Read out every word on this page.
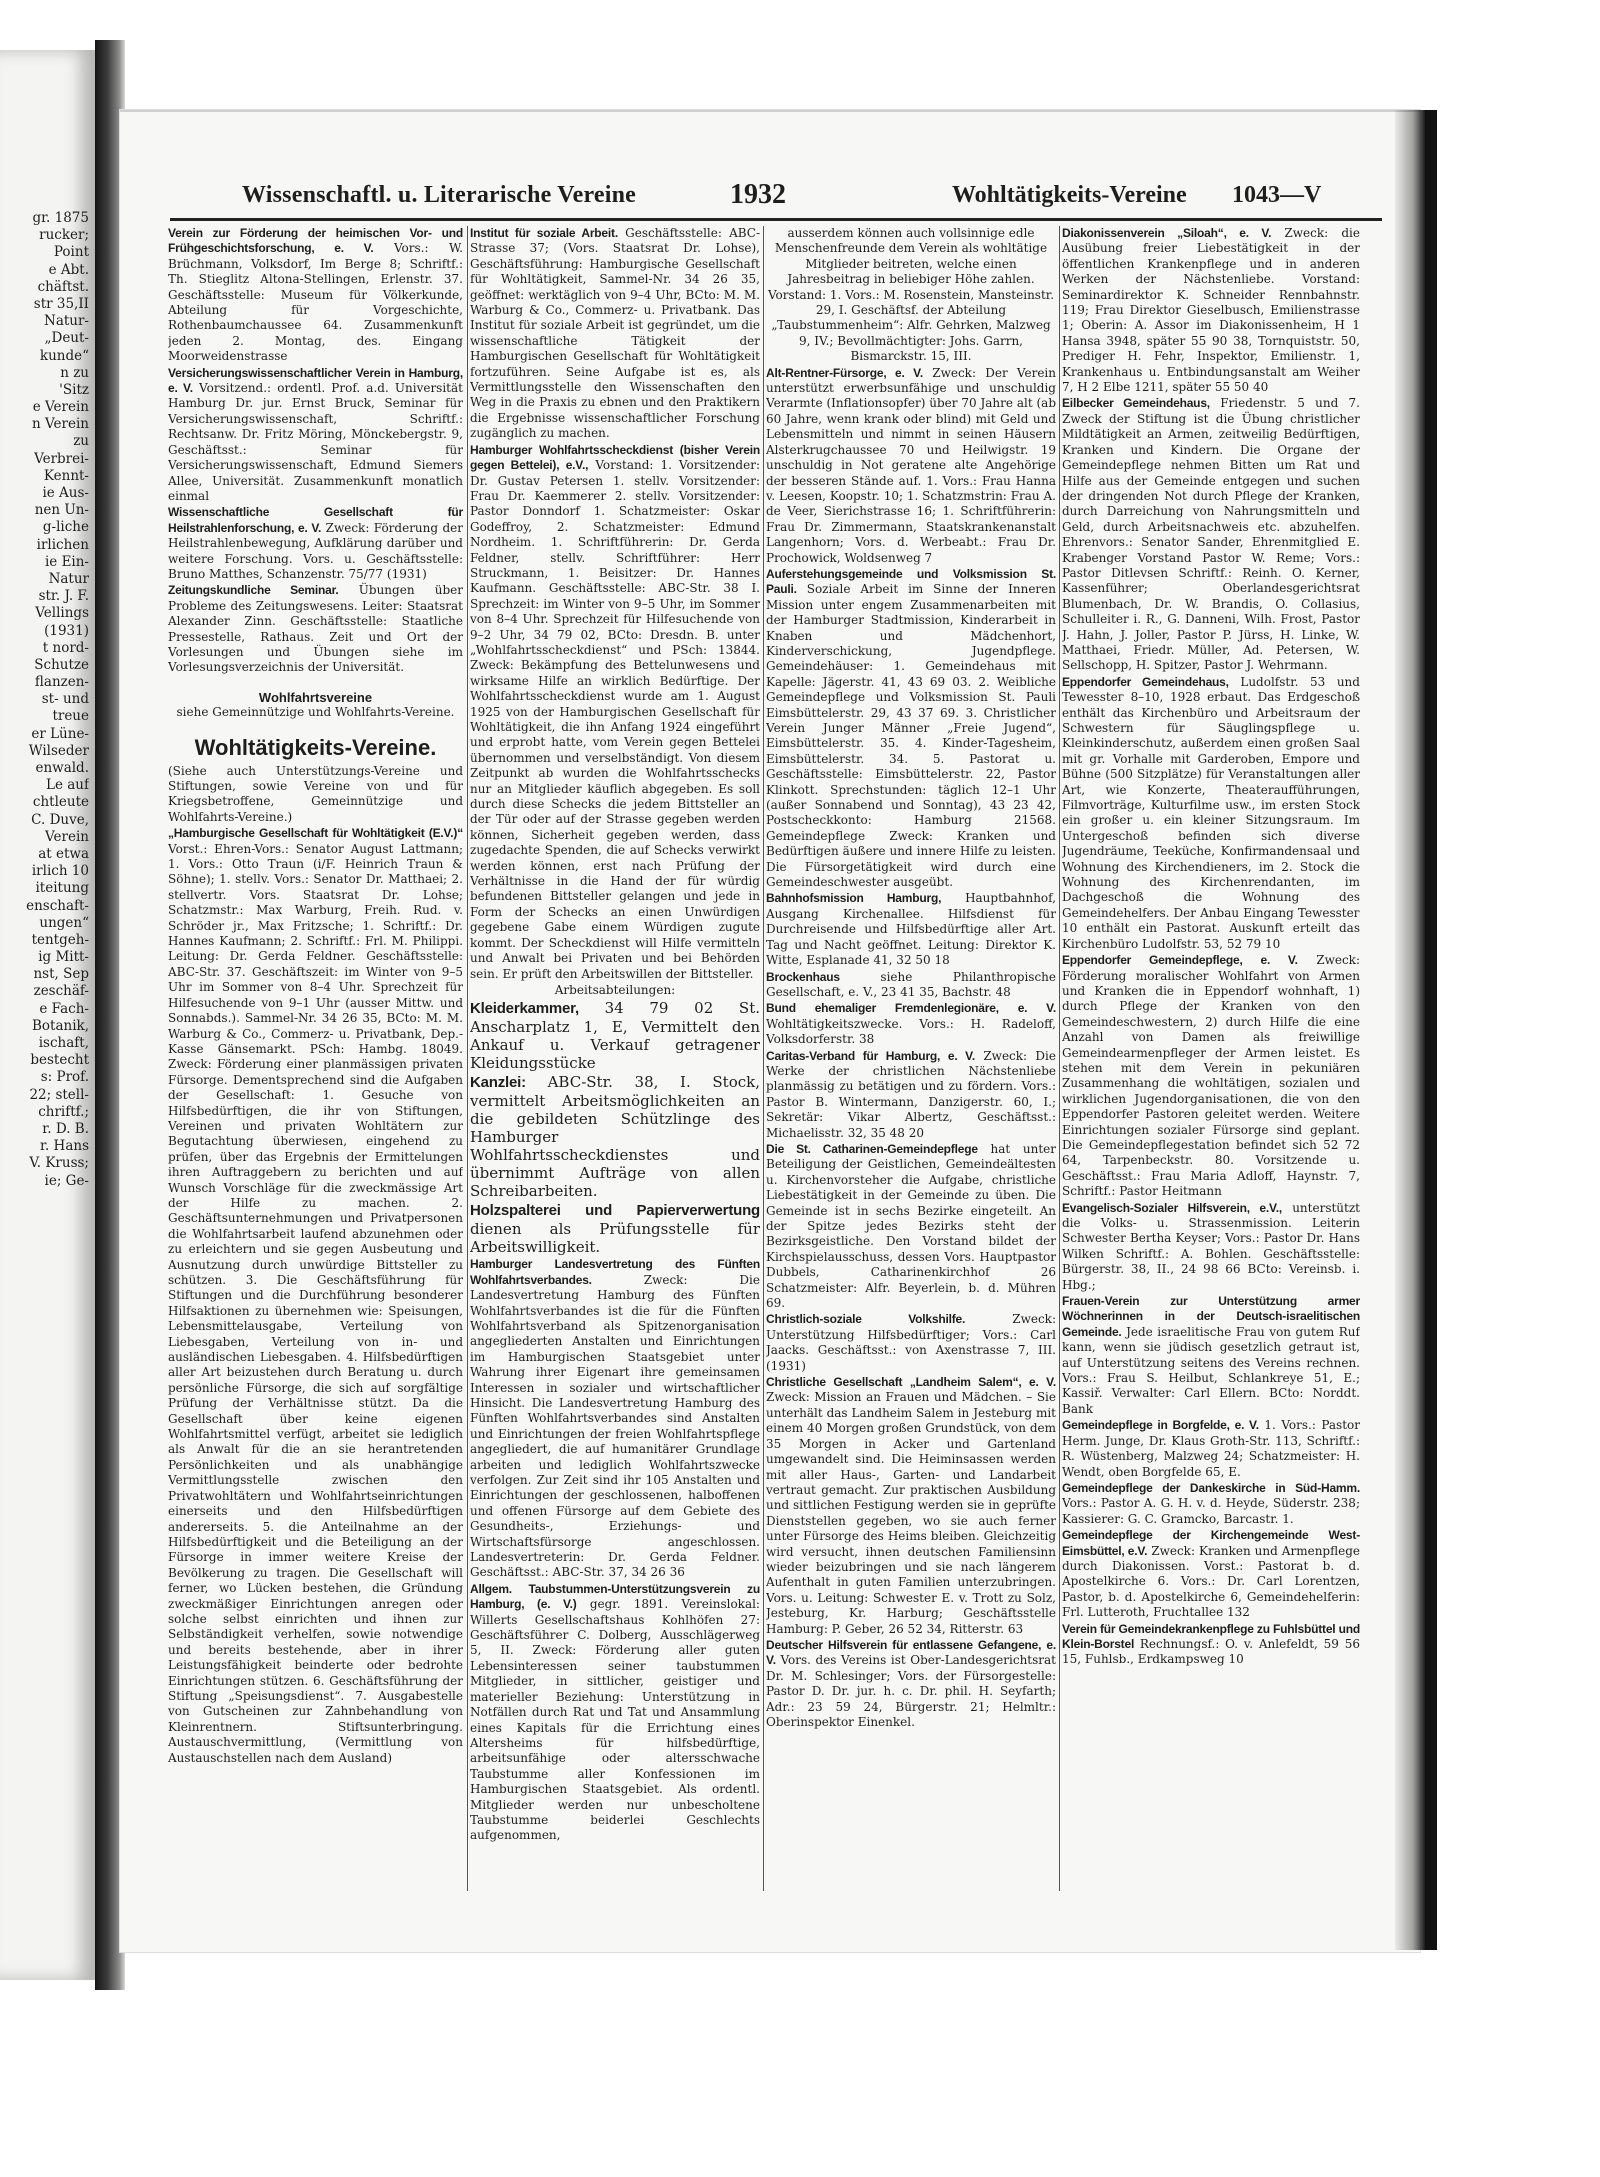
gr. 1875
rucker;
Point
e Abt.
chäftst.
str 35,II
Natur-
„Deut-
kunde“
n zu
'Sitz
e Verein
n Verein
zu
Verbrei-
Kennt-
ie Aus-
nen Un-
g-liche
irlichen
ie Ein-
Natur
str. J. F.
Vellings
(1931)
t nord-
Schutze
flanzen-
st- und
treue
er Lüne-
Wilseder
enwald.
Le auf
chtleute
C. Duve,
Verein
at etwa
irlich 10
iteitung
enschaft-
ungen“
tentgeh-
ig Mitt-
nst, Sep
zeschäf-
e Fach-
Botanik,
ischaft,
bestecht
s: Prof.
22; stell-
chriftf.;
r. D. B.
r. Hans
V. Kruss;
ie; Ge-
Wissenschaftl. u. Literarische Vereine	1932	Wohltätigkeits-Vereine 1043—V
Verein zur Förderung der heimischen Vor- und Frühgeschichtsforschung, e. V. Vors.: W. Brüchmann, Volksdorf, Im Berge 8; Schriftf.: Th. Stieglitz Altona-Stellingen, Erlenstr. 37. Geschäftsstelle: Museum für Völkerkunde, Abteilung für Vorgeschichte, Rothenbaumchaussee 64. Zusammenkunft jeden 2. Montag, des. Eingang Moorweidenstrasse
Versicherungswissenschaftlicher Verein in Hamburg, e. V. Vorsitzend.: ordentl. Prof. a.d. Universität Hamburg Dr. jur. Ernst Bruck, Seminar für Versicherungswissenschaft, Schriftf.: Rechtsanw. Dr. Fritz Möring, Mönckebergstr. 9, Geschäftsst.: Seminar für Versicherungswissenschaft, Edmund Siemers Allee, Universität. Zusammenkunft monatlich einmal
Wissenschaftliche Gesellschaft für Heilstrahlenforschung, e. V. Zweck: Förderung der Heilstrahlenbewegung, Aufklärung darüber und weitere Forschung. Vors. u. Geschäftsstelle: Bruno Matthes, Schanzenstr. 75/77 (1931)
Zeitungskundliche Seminar. Übungen über Probleme des Zeitungswesens. Leiter: Staatsrat Alexander Zinn. Geschäftsstelle: Staatliche Pressestelle, Rathaus. Zeit und Ort der Vorlesungen und Übungen siehe im Vorlesungsverzeichnis der Universität.
Wohlfahrtsvereine
siehe Gemeinnützige und Wohlfahrts-Vereine.
Wohltätigkeits-Vereine.
(Siehe auch Unterstützungs-Vereine und Stiftungen, sowie Vereine von und für Kriegsbetroffene, Gemeinnützige und Wohlfahrts-Vereine.)
„Hamburgische Gesellschaft für Wohltätigkeit (E.V.)“ Vorst.: Ehren-Vors.: Senator August Lattmann; 1. Vors.: Otto Traun (i/F. Heinrich Traun & Söhne); 1. stellv. Vors.: Senator Dr. Matthaei; 2. stellvertr. Vors. Staatsrat Dr. Lohse; Schatzmstr.: Max Warburg, Freih. Rud. v. Schröder jr., Max Fritzsche; 1. Schriftf.: Dr. Hannes Kaufmann; 2. Schriftf.: Frl. M. Philippi. Leitung: Dr. Gerda Feldner. Geschäftsstelle: ABC-Str. 37. Geschäftszeit: im Winter von 9–5 Uhr im Sommer von 8–4 Uhr. Sprechzeit für Hilfesuchende von 9–1 Uhr (ausser Mittw. und Sonnabds.). Sammel-Nr. 34 26 35, BCto: M. M. Warburg & Co., Commerz- u. Privatbank, Dep.-Kasse Gänsemarkt. PSch: Hambg. 18049. Zweck: Förderung einer planmässigen privaten Fürsorge. Dementsprechend sind die Aufgaben der Gesellschaft: 1. Gesuche von Hilfsbedürftigen, die ihr von Stiftungen, Vereinen und privaten Wohltätern zur Begutachtung überwiesen, eingehend zu prüfen, über das Ergebnis der Ermittelungen ihren Auftraggebern zu berichten und auf Wunsch Vorschläge für die zweckmässige Art der Hilfe zu machen. 2. Geschäftsunternehmungen und Privatpersonen die Wohlfahrtsarbeit laufend abzunehmen oder zu erleichtern und sie gegen Ausbeutung und Ausnutzung durch unwürdige Bittsteller zu schützen. 3. Die Geschäftsführung für Stiftungen und die Durchführung besonderer Hilfsaktionen zu übernehmen wie: Speisungen, Lebensmittelausgabe, Verteilung von Liebesgaben, Verteilung von in- und ausländischen Liebesgaben. 4. Hilfsbedürftigen aller Art beizustehen durch Beratung u. durch persönliche Fürsorge, die sich auf sorgfältige Prüfung der Verhältnisse stützt. Da die Gesellschaft über keine eigenen Wohlfahrtsmittel verfügt, arbeitet sie lediglich als Anwalt für die an sie herantretenden Persönlichkeiten und als unabhängige Vermittlungsstelle zwischen den Privatwohltätern und Wohlfahrtseinrichtungen einerseits und den Hilfsbedürftigen andererseits. 5. die Anteilnahme an der Hilfsbedürftigkeit und die Beteiligung an der Fürsorge in immer weitere Kreise der Bevölkerung zu tragen. Die Gesellschaft will ferner, wo Lücken bestehen, die Gründung zweckmäßiger Einrichtungen anregen oder solche selbst einrichten und ihnen zur Selbständigkeit verhelfen, sowie notwendige und bereits bestehende, aber in ihrer Leistungsfähigkeit beinderte oder bedrohte Einrichtungen stützen. 6. Geschäftsführung der Stiftung „Speisungsdienst“. 7. Ausgabestelle von Gutscheinen zur Zahnbehandlung von Kleinrentnern. Stiftsunterbringung. Austauschvermittlung, (Vermittlung von Austauschstellen nach dem Ausland)
Institut für soziale Arbeit. Geschäftsstelle: ABC-Strasse 37; (Vors. Staatsrat Dr. Lohse), Geschäftsführung: Hamburgische Gesellschaft für Wohltätigkeit, Sammel-Nr. 34 26 35, geöffnet: werktäglich von 9–4 Uhr, BCto: M. M. Warburg & Co., Commerz- u. Privatbank. Das Institut für soziale Arbeit ist gegründet, um die wissenschaftliche Tätigkeit der Hamburgischen Gesellschaft für Wohltätigkeit fortzuführen. Seine Aufgabe ist es, als Vermittlungsstelle den Wissenschaften den Weg in die Praxis zu ebnen und den Praktikern die Ergebnisse wissenschaftlicher Forschung zugänglich zu machen.
Hamburger Wohlfahrtsscheckdienst (bisher Verein gegen Bettelei), e.V., Vorstand: 1. Vorsitzender: Dr. Gustav Petersen 1. stellv. Vorsitzender: Frau Dr. Kaemmerer 2. stellv. Vorsitzender: Pastor Donndorf 1. Schatzmeister: Oskar Godeffroy, 2. Schatzmeister: Edmund Nordheim. 1. Schriftführerin: Dr. Gerda Feldner, stellv. Schriftführer: Herr Struckmann, 1. Beisitzer: Dr. Hannes Kaufmann. Geschäftsstelle: ABC-Str. 38 I. Sprechzeit: im Winter von 9–5 Uhr, im Sommer von 8–4 Uhr. Sprechzeit für Hilfesuchende von 9–2 Uhr, 34 79 02, BCto: Dresdn. B. unter „Wohlfahrtsscheckdienst“ und PSch: 13844. Zweck: Bekämpfung des Bettelunwesens und wirksame Hilfe an wirklich Bedürftige. Der Wohlfahrtsscheckdienst wurde am 1. August 1925 von der Hamburgischen Gesellschaft für Wohltätigkeit, die ihn Anfang 1924 eingeführt und erprobt hatte, vom Verein gegen Bettelei übernommen und verselbständigt. Von diesem Zeitpunkt ab wurden die Wohlfahrtsschecks nur an Mitglieder käuflich abgegeben. Es soll durch diese Schecks die jedem Bittsteller an der Tür oder auf der Strasse gegeben werden können, Sicherheit gegeben werden, dass zugedachte Spenden, die auf Schecks verwirkt werden können, erst nach Prüfung der Verhältnisse in die Hand der für würdig befundenen Bittsteller gelangen und jede in Form der Schecks an einen Unwürdigen gegebene Gabe einem Würdigen zugute kommt. Der Scheckdienst will Hilfe vermitteln und Anwalt bei Privaten und bei Behörden sein. Er prüft den Arbeitswillen der Bittsteller.
Arbeitsabteilungen:
Kleiderkammer, 34 79 02 St. Anscharplatz 1, E, Vermittelt den Ankauf u. Verkauf getragener Kleidungsstücke
Kanzlei: ABC-Str. 38, I. Stock, vermittelt Arbeitsmöglichkeiten an die gebildeten Schützlinge des Hamburger Wohlfahrtsscheckdienstes und übernimmt Aufträge von allen Schreibarbeiten.
Holzspalterei und Papierverwertung dienen als Prüfungsstelle für Arbeitswilligkeit.
Hamburger Landesvertretung des Fünften Wohlfahrtsverbandes.	Zweck: Die Landesvertretung Hamburg des Fünften Wohlfahrtsverbandes ist die für die Fünften Wohlfahrtsverband als Spitzenorganisation angegliederten Anstalten und Einrichtungen im Hamburgischen Staatsgebiet unter Wahrung ihrer Eigenart ihre gemeinsamen Interessen in sozialer und wirtschaftlicher Hinsicht. Die Landesvertretung Hamburg des Fünften Wohlfahrtsverbandes sind Anstalten und Einrichtungen der freien Wohlfahrtspflege angegliedert, die auf humanitärer Grundlage arbeiten und lediglich Wohlfahrtszwecke verfolgen. Zur Zeit sind ihr 105 Anstalten und Einrichtungen der geschlossenen, halboffenen und offenen Fürsorge auf dem Gebiete des Gesundheits-, Erziehungs- und Wirtschaftsfürsorge angeschlossen. Landesvertreterin: Dr. Gerda Feldner. Geschäftsst.: ABC-Str. 37, 34 26 36
Allgem. Taubstummen-Unterstützungsverein zu Hamburg, (e. V.) gegr. 1891. Vereinslokal: Willerts Gesellschaftshaus Kohlhöfen 27: Geschäftsführer C. Dolberg, Ausschlägerweg 5, II. Zweck: Förderung aller guten Lebensinteressen seiner taubstummen Mitglieder, in sittlicher, geistiger und materieller Beziehung: Unterstützung in Notfällen durch Rat und Tat und Ansammlung eines Kapitals für die Errichtung eines Altersheims für hilfsbedürftige, arbeitsunfähige oder altersschwache Taubstumme aller Konfessionen im Hamburgischen Staatsgebiet. Als ordentl. Mitglieder werden nur unbescholtene Taubstumme beiderlei Geschlechts aufgenommen,
ausserdem können auch vollsinnige edle Menschenfreunde dem Verein als wohltätige Mitglieder beitreten, welche einen Jahresbeitrag in beliebiger Höhe zahlen. Vorstand: 1. Vors.: M. Rosenstein, Mansteinstr. 29, I. Geschäftsf. der Abteilung „Taubstummenheim“: Alfr. Gehrken, Malzweg 9, IV.; Bevollmächtigter: Johs. Garrn, Bismarckstr. 15, III.
Alt-Rentner-Fürsorge, e. V. Zweck: Der Verein unterstützt erwerbsunfähige und unschuldig Verarmte (Inflationsopfer) über 70 Jahre alt (ab 60 Jahre, wenn krank oder blind) mit Geld und Lebensmitteln und nimmt in seinen Häusern Alsterkrugchaussee 70 und Heilwigstr. 19 unschuldig in Not geratene alte Angehörige der besseren Stände auf. 1. Vors.: Frau Hanna v. Leesen, Koopstr. 10; 1. Schatzmstrin: Frau A. de Veer, Sierichstrasse 16; 1. Schriftführerin: Frau Dr. Zimmermann, Staatskrankenanstalt Langenhorn; Vors. d. Werbeabt.: Frau Dr. Prochowick, Woldsenweg 7
Auferstehungsgemeinde und Volksmission St. Pauli. Soziale Arbeit im Sinne der Inneren Mission unter engem Zusammenarbeiten mit der Hamburger Stadtmission, Kinderarbeit in Knaben und Mädchenhort, Kinderverschickung, Jugendpflege. Gemeindehäuser: 1. Gemeindehaus mit Kapelle: Jägerstr. 41, 43 69 03. 2. Weibliche Gemeindepflege und Volksmission St. Pauli Eimsbüttelerstr. 29, 43 37 69. 3. Christlicher Verein Junger Männer „Freie Jugend“, Eimsbüttelerstr. 35. 4. Kinder-Tagesheim, Eimsbüttelerstr. 34. 5. Pastorat u. Geschäftsstelle: Eimsbüttelerstr. 22, Pastor Klinkott. Sprechstunden: täglich 12–1 Uhr (außer Sonnabend und Sonntag), 43 23 42, Postscheckkonto: Hamburg 21568. Gemeindepflege Zweck: Kranken und Bedürftigen äußere und innere Hilfe zu leisten. Die Fürsorgetätigkeit wird durch eine Gemeindeschwester ausgeübt.
Bahnhofsmission Hamburg, Hauptbahnhof, Ausgang Kirchenallee. Hilfsdienst für Durchreisende und Hilfsbedürftige aller Art. Tag und Nacht geöffnet. Leitung: Direktor K. Witte, Esplanade 41, 32 50 18
Brockenhaus	siehe Philanthropische Gesellschaft, e. V., 23 41 35, Bachstr. 48
Bund ehemaliger Fremdenlegionäre, e. V. Wohltätigkeitszwecke. Vors.: H. Radeloff, Volksdorferstr. 38
Caritas-Verband für Hamburg, e. V. Zweck: Die Werke der christlichen Nächstenliebe planmässig zu betätigen und zu fördern. Vors.: Pastor B. Wintermann, Danzigerstr. 60, I.; Sekretär: Vikar Albertz, Geschäftsst.: Michaelisstr. 32, 35 48 20
Die St. Catharinen-Gemeindepflege hat unter Beteiligung der Geistlichen, Gemeindeältesten u. Kirchenvorsteher die Aufgabe, christliche Liebestätigkeit in der Gemeinde zu üben. Die Gemeinde ist in sechs Bezirke eingeteilt. An der Spitze jedes Bezirks steht der Bezirksgeistliche. Den Vorstand bildet der Kirchspielausschuss, dessen Vors. Hauptpastor Dubbels, Catharinenkirchhof 26 Schatzmeister: Alfr. Beyerlein, b. d. Mühren 69.
Christlich-soziale Volkshilfe.	Zweck: Unterstützung Hilfsbedürftiger; Vors.: Carl Jaacks. Geschäftsst.: von Axenstrasse 7, III. (1931)
Christliche Gesellschaft „Landheim Salem“, e. V. Zweck: Mission an Frauen und Mädchen. – Sie unterhält das Landheim Salem in Jesteburg mit einem 40 Morgen großen Grundstück, von dem 35 Morgen in Acker und Gartenland umgewandelt sind. Die Heiminsassen werden mit aller Haus-, Garten- und Landarbeit vertraut gemacht. Zur praktischen Ausbildung und sittlichen Festigung werden sie in geprüfte Dienststellen gegeben, wo sie auch ferner unter Fürsorge des Heims bleiben. Gleichzeitig wird versucht, ihnen deutschen Familiensinn wieder beizubringen und sie nach längerem Aufenthalt in guten Familien unterzubringen. Vors. u. Leitung: Schwester E. v. Trott zu Solz, Jesteburg, Kr. Harburg; Geschäftsstelle Hamburg: P. Geber, 26 52 34, Ritterstr. 63
Deutscher Hilfsverein für entlassene Gefangene, e. V. Vors. des Vereins ist Ober-Landesgerichtsrat Dr. M. Schlesinger; Vors. der Fürsorgestelle: Pastor D. Dr. jur. h. c. Dr. phil. H. Seyfarth; Adr.: 23 59 24, Bürgerstr. 21; Helmltr.: Oberinspektor Einenkel.
Diakonissenverein „Siloah“, e. V. Zweck: die Ausübung freier Liebestätigkeit in der öffentlichen Krankenpflege und in anderen Werken der Nächstenliebe. Vorstand: Seminardirektor K. Schneider Rennbahnstr. 119; Frau Direktor Gieselbusch, Emilienstrasse 1; Oberin: A. Assor im Diakonissenheim, H 1 Hansa 3948, später 55 90 38, Tornquiststr. 50, Prediger H. Fehr, Inspektor, Emilienstr. 1, Krankenhaus u. Entbindungsanstalt am Weiher 7, H 2 Elbe 1211, später 55 50 40
Eilbecker Gemeindehaus, Friedenstr. 5 und 7. Zweck der Stiftung ist die Übung christlicher Mildtätigkeit an Armen, zeitweilig Bedürftigen, Kranken und Kindern. Die Organe der Gemeindepflege nehmen Bitten um Rat und Hilfe aus der Gemeinde entgegen und suchen der dringenden Not durch Pflege der Kranken, durch Darreichung von Nahrungsmitteln und Geld, durch Arbeitsnachweis etc. abzuhelfen. Ehrenvors.: Senator Sander, Ehrenmitglied E. Krabenger Vorstand Pastor W. Reme; Vors.: Pastor Ditlevsen Schriftf.: Reinh. O. Kerner, Kassenführer; Oberlandesgerichtsrat Blumenbach, Dr. W. Brandis, O. Collasius, Schulleiter i. R., G. Danneni, Wilh. Frost, Pastor J. Hahn, J. Joller, Pastor P. Jürss, H. Linke, W. Matthaei, Friedr. Müller, Ad. Petersen, W. Sellschopp, H. Spitzer, Pastor J. Wehrmann.
Eppendorfer Gemeindehaus, Ludolfstr. 53 und Tewesstег 8–10, 1928 erbaut. Das Erdgeschoß enthält das Kirchenbüro und Arbeitsraum der Schwestern für Säuglingspflege u. Kleinkinderschutz, außerdem einen großen Saal mit gr. Vorhalle mit Garderoben, Empore und Bühne (500 Sitzplätze) für Veranstaltungen aller Art, wie Konzerte, Theateraufführungen, Filmvorträge, Kulturfilme usw., im ersten Stock ein großer u. ein kleiner Sitzungsraum. Im Untergeschoß befinden sich diverse Jugendräume, Teeküche, Konfirmandensaal und Wohnung des Kirchendieners, im 2. Stock die Wohnung des Kirchenrendanten, im Dachgeschoß die Wohnung des Gemeindehelfers. Der Anbau Eingang Tewesstег 10 enthält ein Pastorat. Auskunft erteilt das Kirchenbüro Ludolfstr. 53, 52 79 10
Eppendorfer Gemeindepflege, e. V. Zweck: Förderung moralischer Wohlfahrt von Armen und Kranken die in Eppendorf wohnhaft, 1) durch Pflege der Kranken von den Gemeindeschwestern, 2) durch Hilfe die eine Anzahl von Damen als freiwillige Gemeindearmenpfleger der Armen leistet. Es stehen mit dem Verein in pekuniären Zusammenhang die wohltätigen, sozialen und wirklichen Jugendorganisationen, die von den Eppendorfer Pastoren geleitet werden. Weitere Einrichtungen sozialer Fürsorge sind geplant. Die Gemeindepflegestation befindet sich 52 72 64, Tarpenbeckstr. 80. Vorsitzende u. Geschäftsst.: Frau Maria Adloff, Haynstr. 7, Schriftf.: Pastor Heitmann
Evangelisch-Sozialer Hilfsverein, e.V., unterstützt die Volks- u. Strassenmission. Leiterin Schwester Bertha Keyser; Vors.: Pastor Dr. Hans Wilken Schriftf.: A. Bohlen. Geschäftsstelle: Bürgerstr. 38, II., 24 98 66 BCto: Vereinsb. i. Hbg.;
Frauen-Verein zur Unterstützung armer Wöchnerinnen in der Deutsch-israelitischen Gemeinde. Jede israelitische Frau von gutem Ruf kann, wenn sie jüdisch gesetzlich getraut ist, auf Unterstützung seitens des Vereins rechnen. Vors.: Frau S. Heilbut, Schlankreye 51, E.; Kassiř. Verwalter: Carl Ellern. BCto: Norddt. Bank
Gemeindepflege in Borgfelde, e. V. 1. Vors.: Pastor Herm. Junge, Dr. Klaus Groth-Str. 113, Schriftf.: R. Wüstenberg, Malzweg 24; Schatzmeister: H. Wendt, oben Borgfelde 65, E.
Gemeindepflege der Dankeskirche in Süd-Hamm. Vors.: Pastor A. G. H. v. d. Heyde, Süderstr. 238; Kassierer: G. C. Gramcko, Barcastr. 1.
Gemeindepflege der Kirchengemeinde West-Eimsbüttel, e.V. Zweck: Kranken und Armenpflege durch Diakonissen. Vorst.: Pastorat b. d. Apostelkirche 6. Vors.: Dr. Carl Lorentzen, Pastor, b. d. Apostelkirche 6, Gemeindehelferin: Frl. Lutteroth, Fruchtallee 132
Verein für Gemeindekrankenpflege zu Fuhlsbüttel und Klein-Borstel Rechnungsf.: O. v. Anlefeldt, 59 56 15, Fuhlsb., Erdkampsweg 10
